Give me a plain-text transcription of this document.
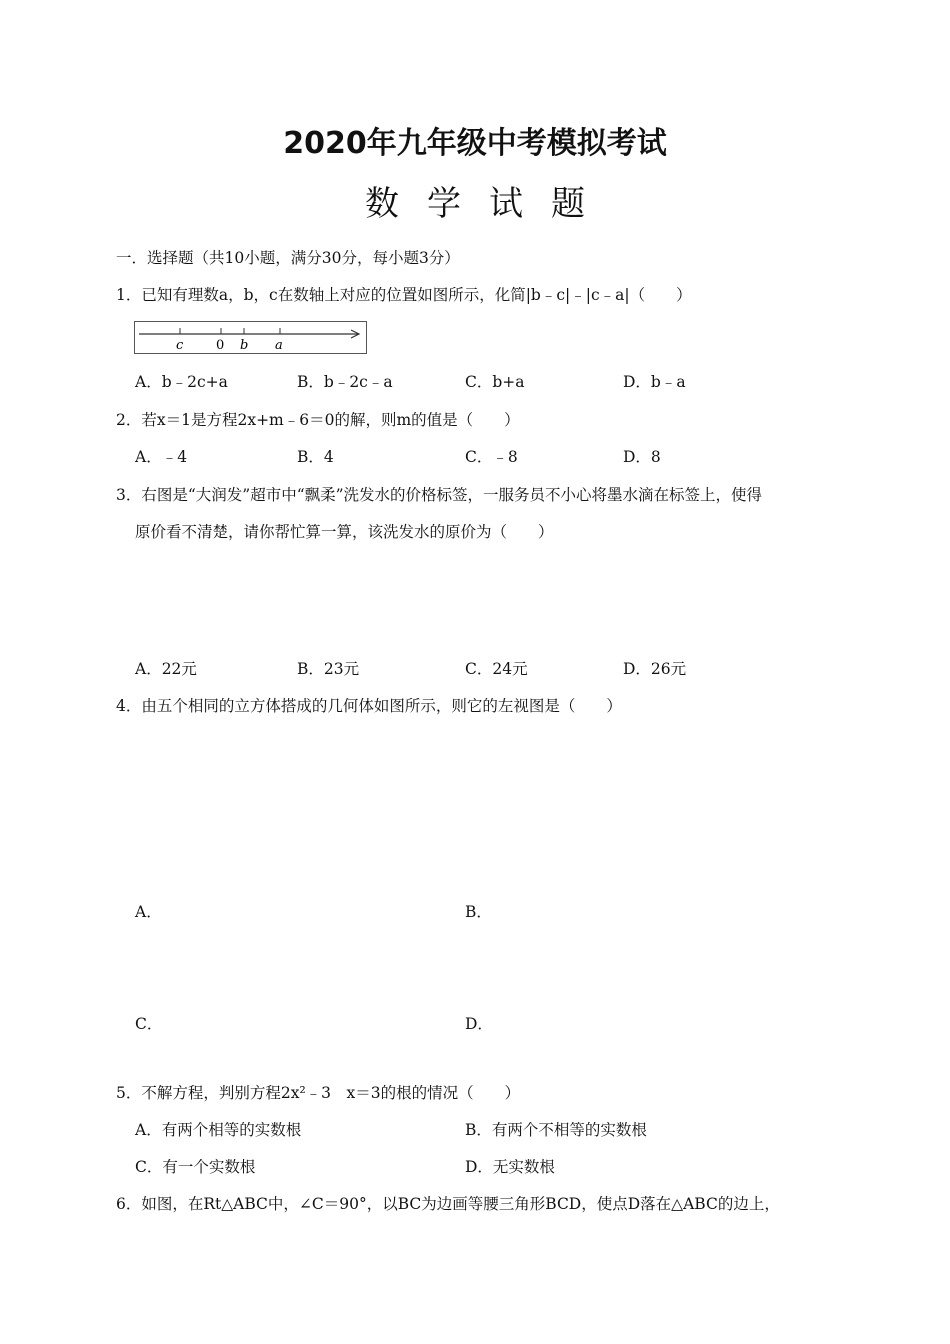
2020年九年级中考模拟考试
数学试题
一．选择题（共10小题，满分30分，每小题3分）
1．已知有理数a，b，c在数轴上对应的位置如图所示，化简|b﹣c|﹣|c﹣a|（　　）
c	0 b a
A．b﹣2c+a	B．b﹣2c﹣a	C．b+a	D．b﹣a
2．若x＝1是方程2x+m﹣6＝0的解，则m的值是（　　）
A．﹣4	B．4	C．﹣8	D．8
3．右图是“大润发”超市中“飘柔”洗发水的价格标签，一服务员不小心将墨水滴在标签上，使得
原价看不清楚，请你帮忙算一算，该洗发水的原价为（　　）
A．22元	B．23元	C．24元	D．26元
4．由五个相同的立方体搭成的几何体如图所示，则它的左视图是（　　）
A．	B．
C．	D．
5．不解方程，判别方程2x²﹣3　x＝3的根的情况（　　）
A．有两个相等的实数根	B．有两个不相等的实数根
C．有一个实数根	D．无实数根
6．如图，在Rt△ABC中，∠C＝90°，以BC为边画等腰三角形BCD，使点D落在△ABC的边上，
